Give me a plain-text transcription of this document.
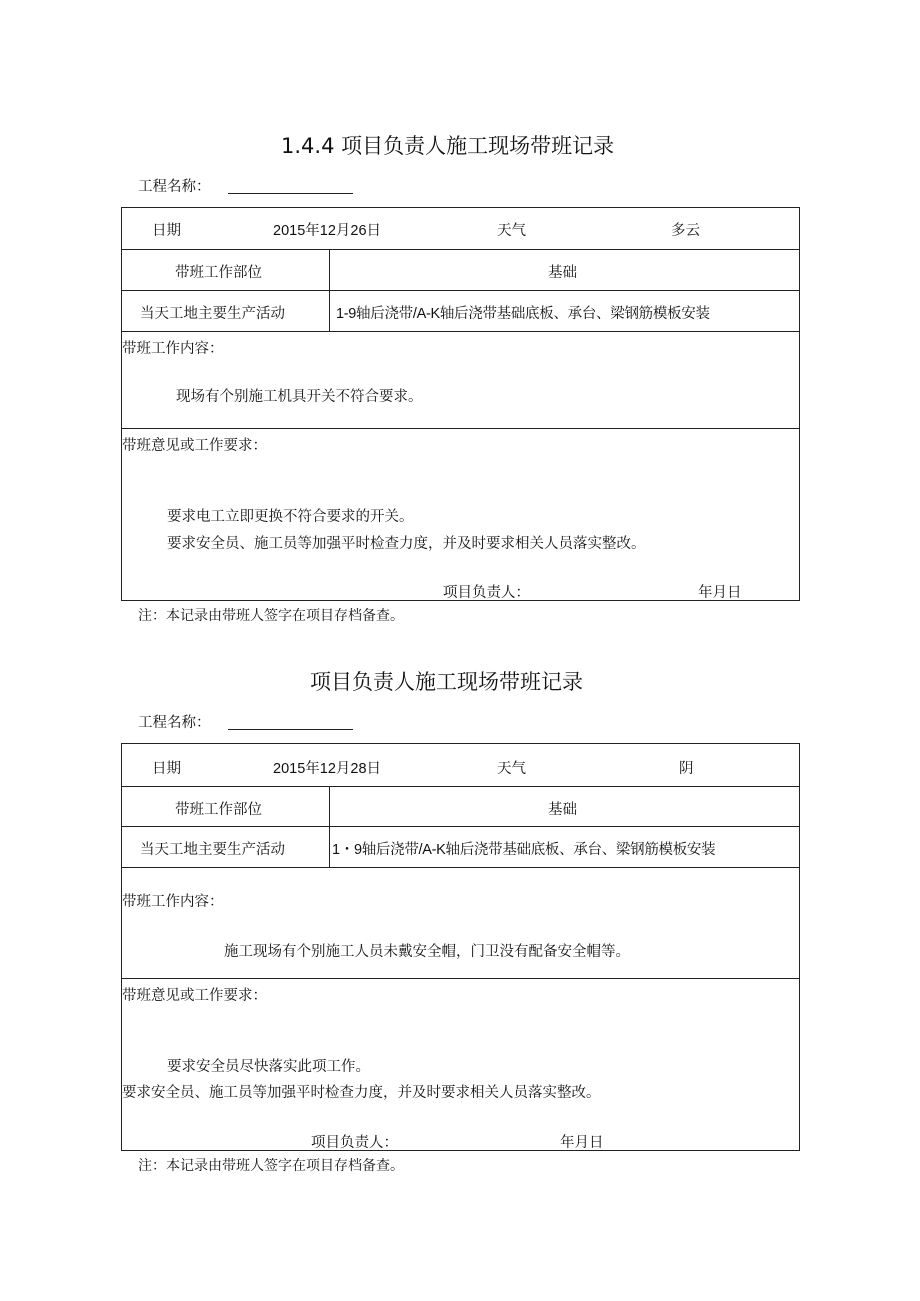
1.4.4 项目负责人施工现场带班记录
工程名称：
日期	2015年12月26日	天气	多云
带班工作部位	基础
当天工地主要生产活动	1-9轴后浇带/A-K轴后浇带基础底板、承台、梁钢筋模板安装
带班工作内容：
现场有个别施工机具开关不符合要求。
带班意见或工作要求：
要求电工立即更换不符合要求的开关。
要求安全员、施工员等加强平时检查力度，并及时要求相关人员落实整改。
项目负责人：	年月日
注：本记录由带班人签字在项目存档备查。
项目负责人施工现场带班记录
工程名称：
日期	2015年12月28日	天气	阴
带班工作部位	基础
当天工地主要生产活动	1・9轴后浇带/A-K轴后浇带基础底板、承台、梁钢筋模板安装
带班工作内容：
施工现场有个别施工人员未戴安全帽，门卫没有配备安全帽等。
带班意见或工作要求：
要求安全员尽快落实此项工作。
要求安全员、施工员等加强平时检查力度，并及时要求相关人员落实整改。
项目负责人：	年月日
注：本记录由带班人签字在项目存档备查。
